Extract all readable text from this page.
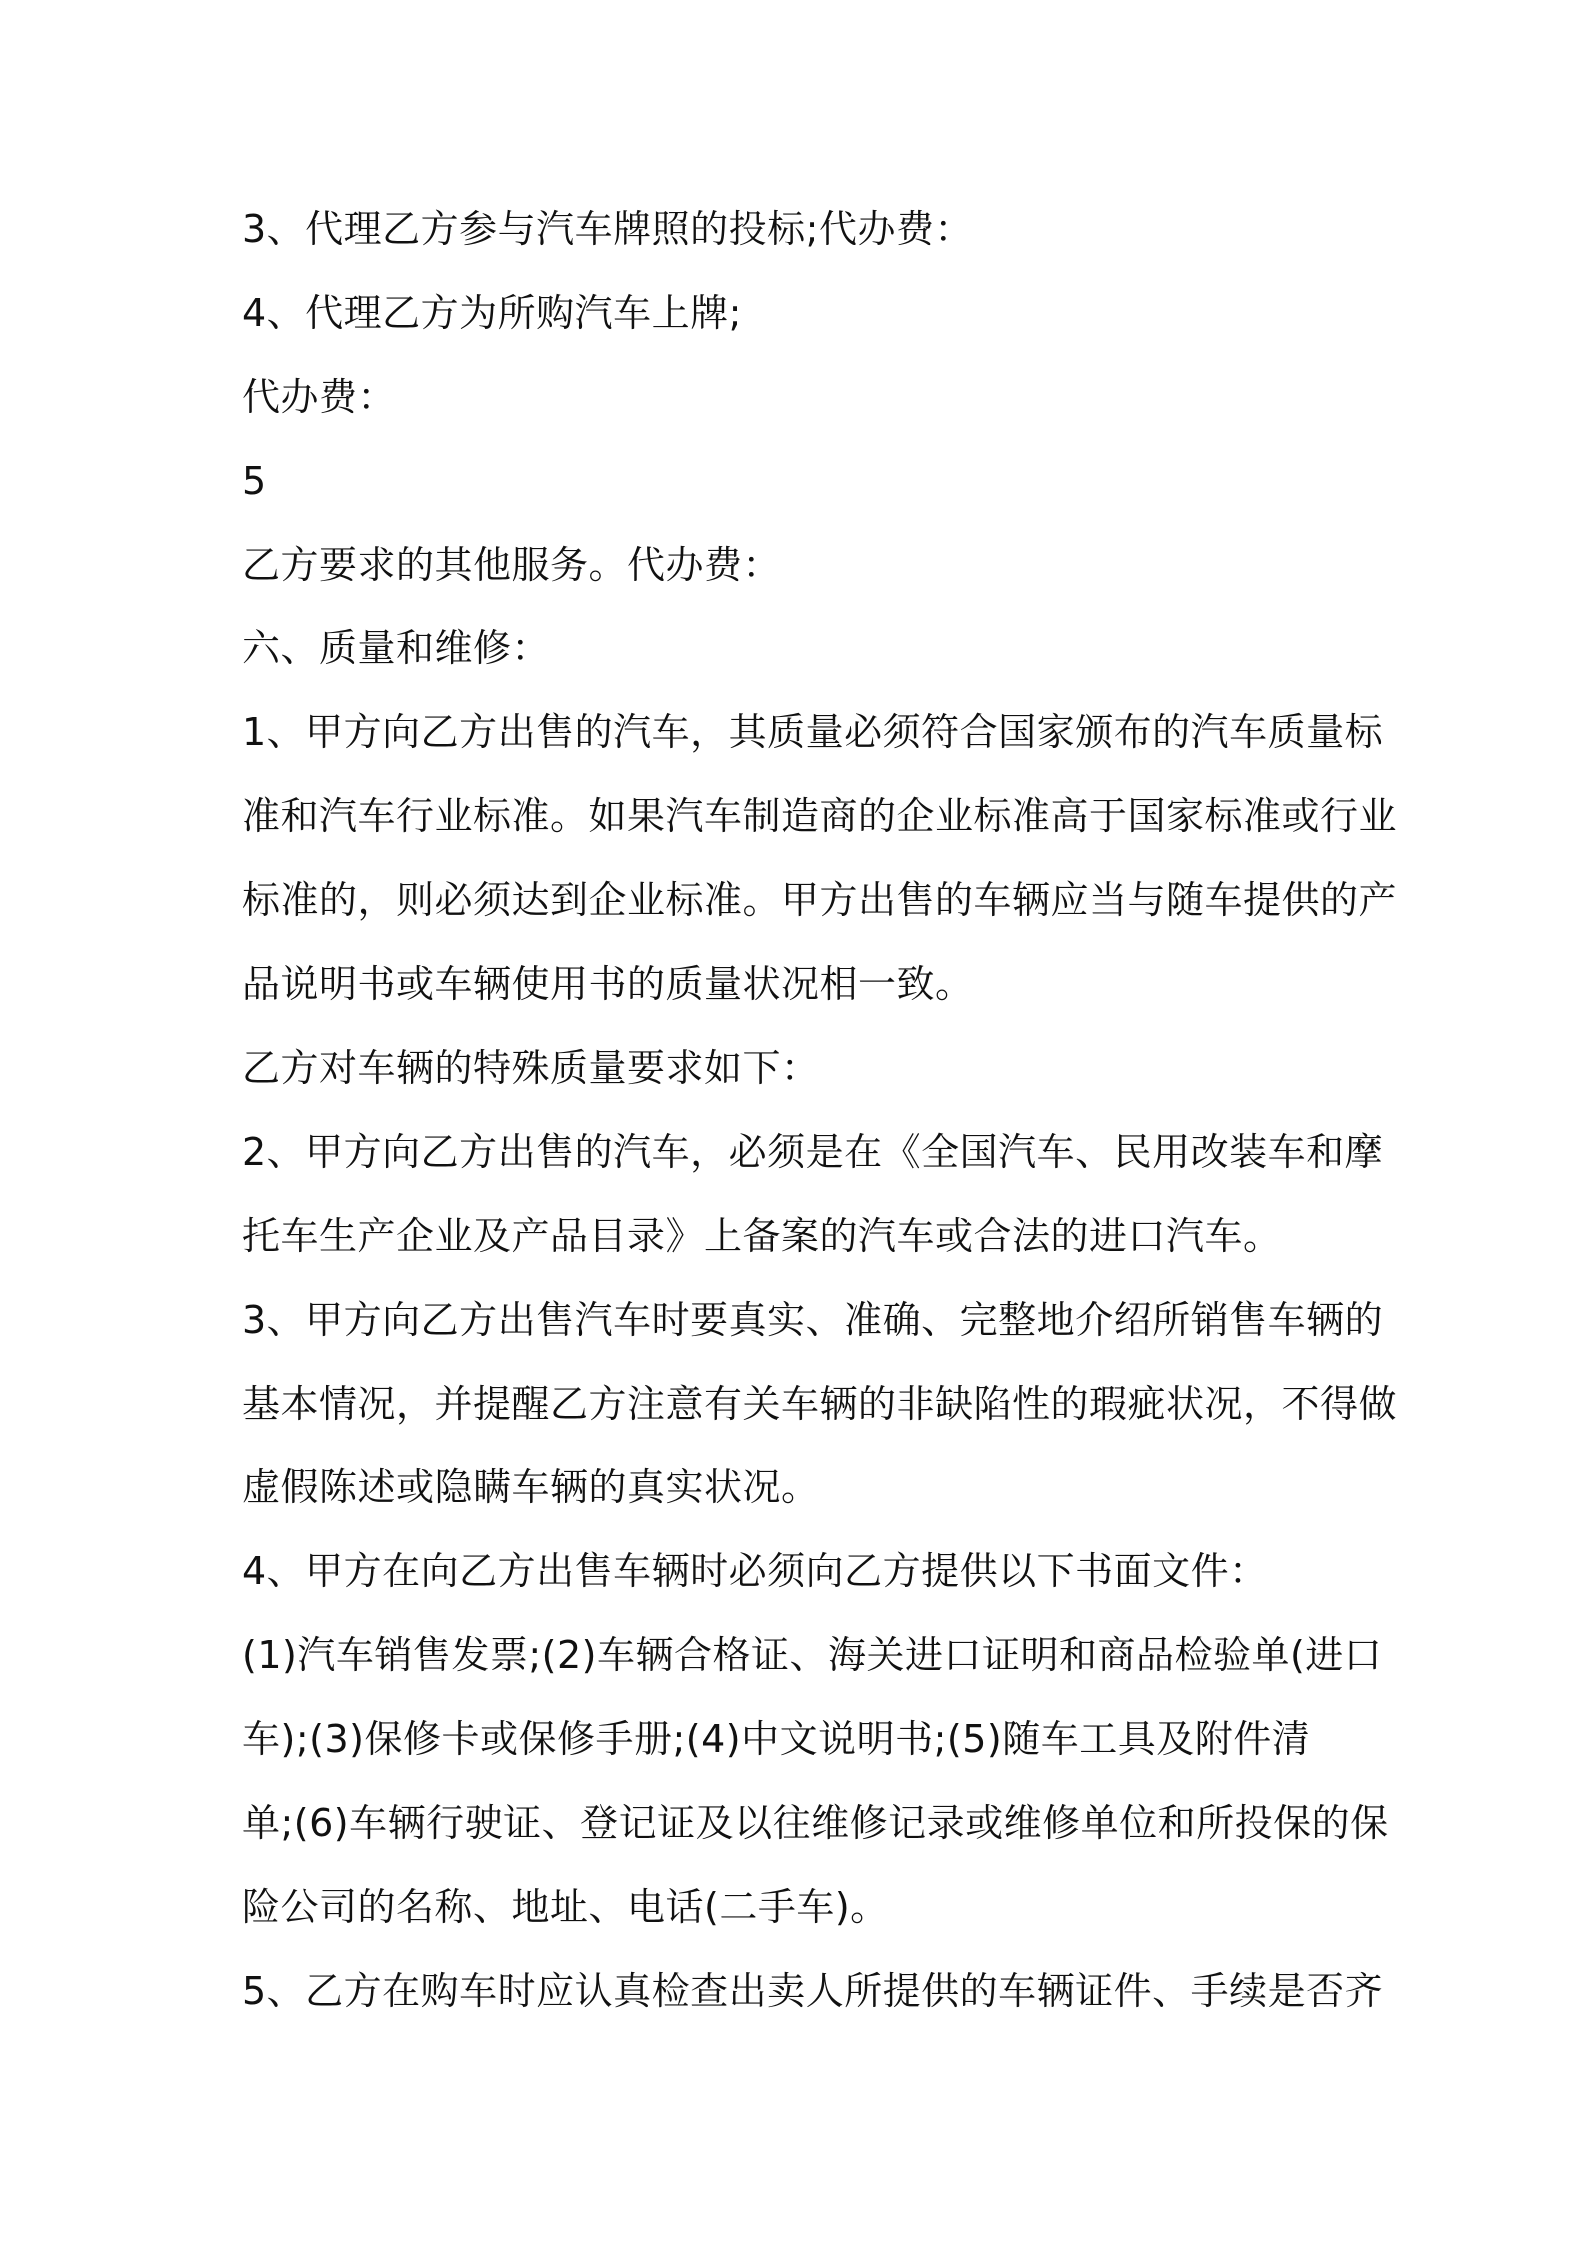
3、代理乙方参与汽车牌照的投标;代办费：

4、代理乙方为所购汽车上牌;

代办费：

5

乙方要求的其他服务。代办费：

六、质量和维修：

1、甲方向乙方出售的汽车，其质量必须符合国家颁布的汽车质量标

准和汽车行业标准。如果汽车制造商的企业标准高于国家标准或行业

标准的，则必须达到企业标准。甲方出售的车辆应当与随车提供的产

品说明书或车辆使用书的质量状况相一致。

乙方对车辆的特殊质量要求如下：

2、甲方向乙方出售的汽车，必须是在《全国汽车、民用改装车和摩

托车生产企业及产品目录》上备案的汽车或合法的进口汽车。

3、甲方向乙方出售汽车时要真实、准确、完整地介绍所销售车辆的

基本情况，并提醒乙方注意有关车辆的非缺陷性的瑕疵状况，不得做

虚假陈述或隐瞒车辆的真实状况。

4、甲方在向乙方出售车辆时必须向乙方提供以下书面文件：

(1)汽车销售发票;(2)车辆合格证、海关进口证明和商品检验单(进口

车);(3)保修卡或保修手册;(4)中文说明书;(5)随车工具及附件清

单;(6)车辆行驶证、登记证及以往维修记录或维修单位和所投保的保

险公司的名称、地址、电话(二手车)。

5、乙方在购车时应认真检查出卖人所提供的车辆证件、手续是否齐
